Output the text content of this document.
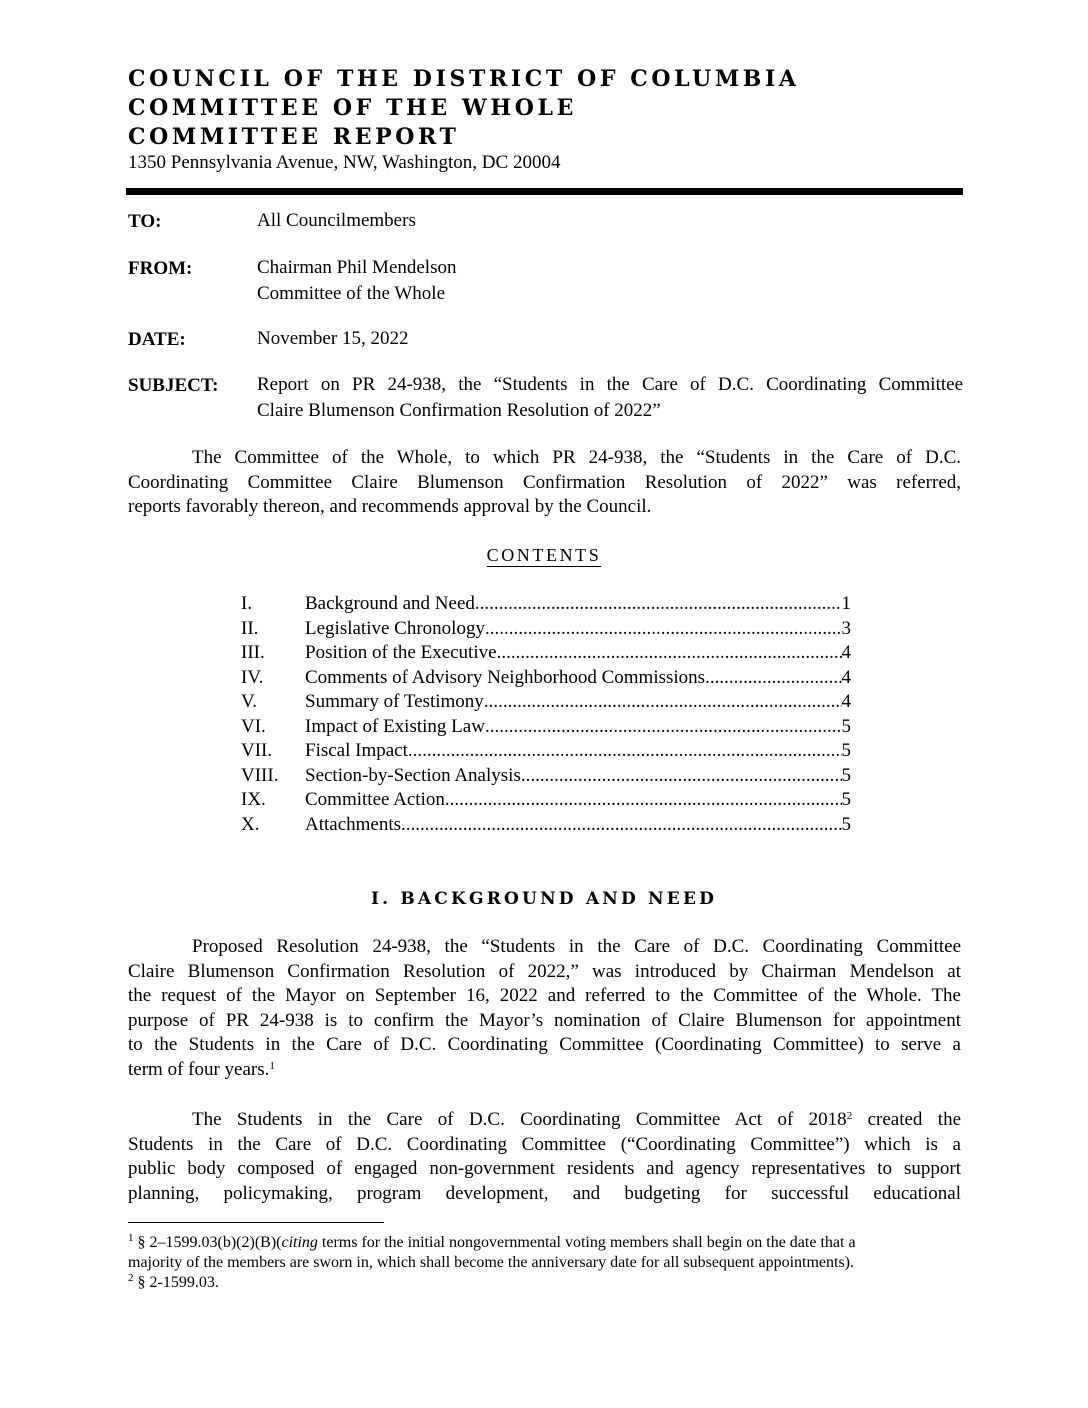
COUNCIL OF THE DISTRICT OF COLUMBIA
COMMITTEE OF THE WHOLE
COMMITTEE REPORT
1350 Pennsylvania Avenue, NW, Washington, DC 20004
TO:	All Councilmembers
FROM:	Chairman Phil Mendelson
Committee of the Whole
DATE:	November 15, 2022
SUBJECT: Report on PR 24-938, the “Students in the Care of D.C. Coordinating Committee
Claire Blumenson Confirmation Resolution of 2022”
The Committee of the Whole, to which PR 24-938, the “Students in the Care of D.C.
Coordinating Committee Claire Blumenson Confirmation Resolution of 2022” was referred,
reports favorably thereon, and recommends approval by the Council.
CONTENTS
I.	Background and Need .....	1
II. Legislative Chronology .....	3
III. Position of the Executive .....	4
IV. Comments of Advisory Neighborhood Commissions .....	4
V.	Summary of Testimony .....	4
VI. Impact of Existing Law .....	5
VII. Fiscal Impact .....	5
VIII. Section-by-Section Analysis .....	5
IX. Committee Action .....	5
X. Attachments .....	5
I. BACKGROUND AND NEED
Proposed Resolution 24-938, the “Students in the Care of D.C. Coordinating Committee
Claire Blumenson Confirmation Resolution of 2022,” was introduced by Chairman Mendelson at
the request of the Mayor on September 16, 2022 and referred to the Committee of the Whole. The
purpose of PR 24-938 is to confirm the Mayor’s nomination of Claire Blumenson for appointment
to the Students in the Care of D.C. Coordinating Committee (Coordinating Committee) to serve a
term of four years.$^1$
The Students in the Care of D.C. Coordinating Committee Act of 2018$^2$ created the
Students in the Care of D.C. Coordinating Committee (“Coordinating Committee”) which is a
public body composed of engaged non-government residents and agency representatives to support
planning, policymaking, program development, and budgeting for successful educational
$^1$ § 2–1599.03(b)(2)(B)(citing terms for the initial nongovernmental voting members shall begin on the date that a
majority of the members are sworn in, which shall become the anniversary date for all subsequent appointments).
$^2$ § 2-1599.03.
